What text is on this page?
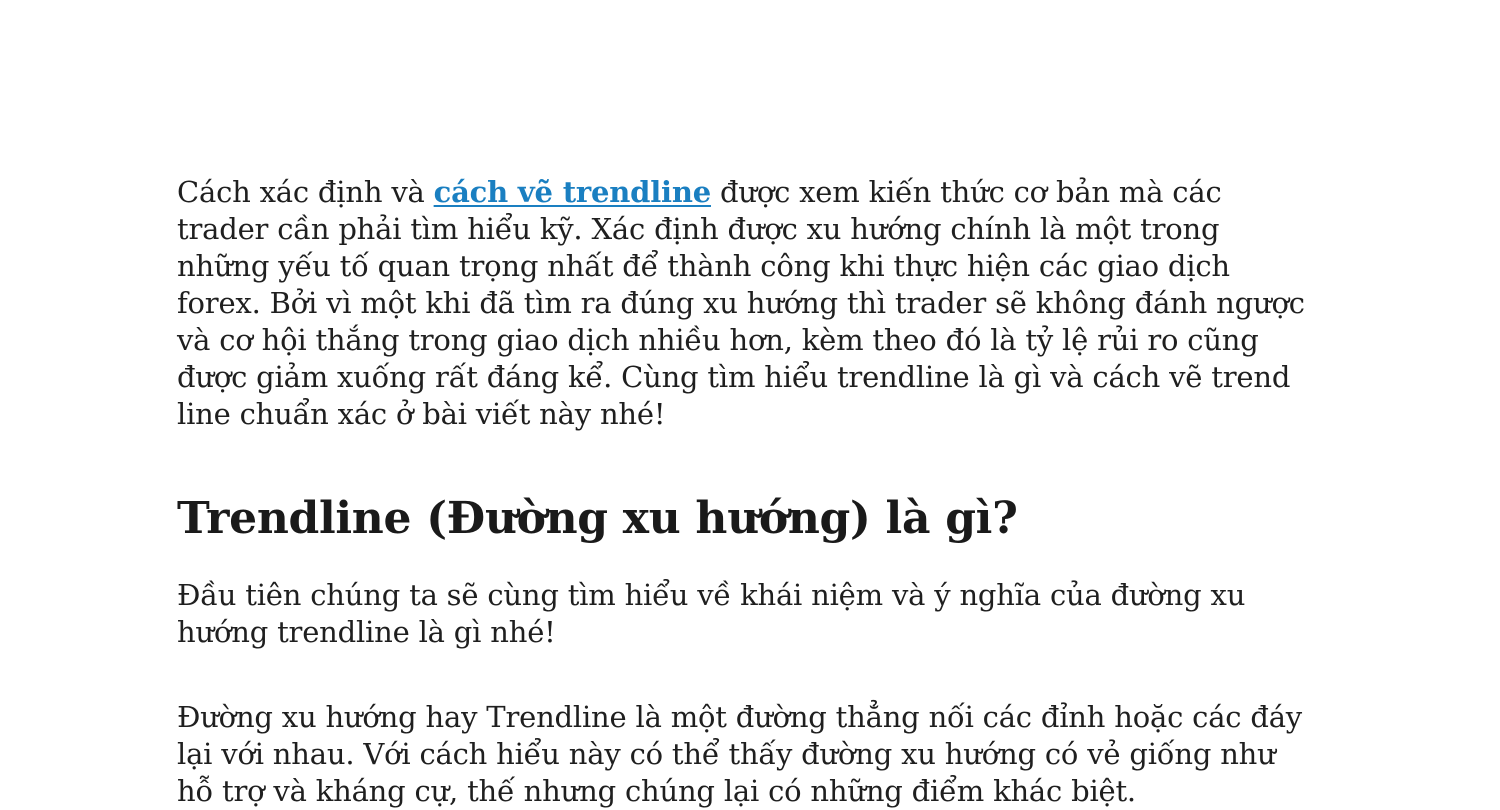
Cách xác định và cách vẽ trendline được xem kiến thức cơ bản mà các trader cần phải tìm hiểu kỹ. Xác định được xu hướng chính là một trong những yếu tố quan trọng nhất để thành công khi thực hiện các giao dịch forex. Bởi vì một khi đã tìm ra đúng xu hướng thì trader sẽ không đánh ngược và cơ hội thắng trong giao dịch nhiều hơn, kèm theo đó là tỷ lệ rủi ro cũng được giảm xuống rất đáng kể. Cùng tìm hiểu trendline là gì và cách vẽ trend line chuẩn xác ở bài viết này nhé!

Trendline (Đường xu hướng) là gì?

Đầu tiên chúng ta sẽ cùng tìm hiểu về khái niệm và ý nghĩa của đường xu hướng trendline là gì nhé!

Đường xu hướng hay Trendline là một đường thẳng nối các đỉnh hoặc các đáy lại với nhau. Với cách hiểu này có thể thấy đường xu hướng có vẻ giống như hỗ trợ và kháng cự, thế nhưng chúng lại có những điểm khác biệt.
